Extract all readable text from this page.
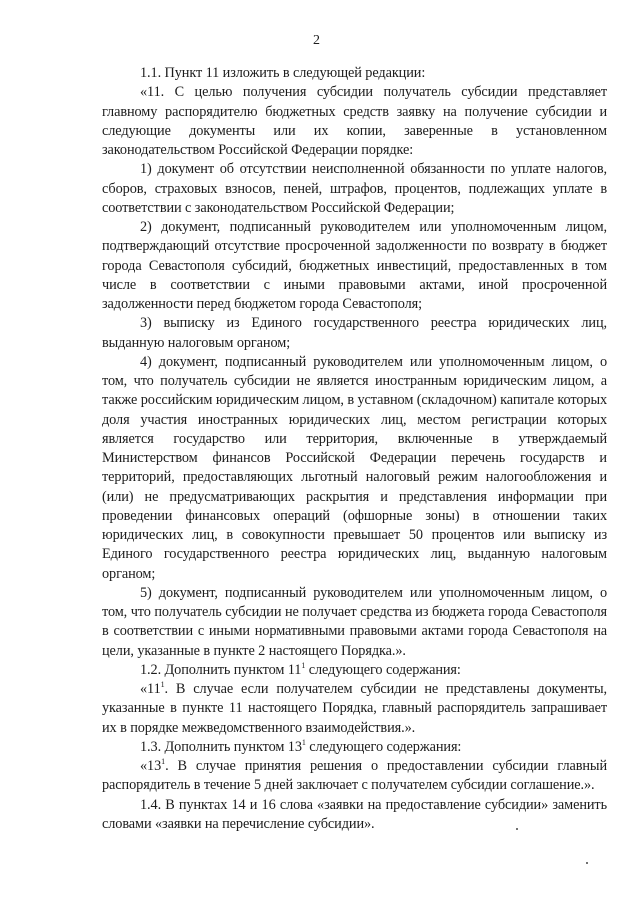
2

1.1. Пункт 11 изложить в следующей редакции:

«11. С целью получения субсидии получатель субсидии представляет главному распорядителю бюджетных средств заявку на получение субсидии и следующие документы или их копии, заверенные в установленном законодательством Российской Федерации порядке:

1) документ об отсутствии неисполненной обязанности по уплате налогов, сборов, страховых взносов, пеней, штрафов, процентов, подлежащих уплате в соответствии с законодательством Российской Федерации;

2) документ, подписанный руководителем или уполномоченным лицом, подтверждающий отсутствие просроченной задолженности по возврату в бюджет города Севастополя субсидий, бюджетных инвестиций, предоставленных в том числе в соответствии с иными правовыми актами, иной просроченной задолженности перед бюджетом города Севастополя;

3) выписку из Единого государственного реестра юридических лиц, выданную налоговым органом;

4) документ, подписанный руководителем или уполномоченным лицом, о том, что получатель субсидии не является иностранным юридическим лицом, а также российским юридическим лицом, в уставном (складочном) капитале которых доля участия иностранных юридических лиц, местом регистрации которых является государство или территория, включенные в утверждаемый Министерством финансов Российской Федерации перечень государств и территорий, предоставляющих льготный налоговый режим налогообложения и (или) не предусматривающих раскрытия и представления информации при проведении финансовых операций (офшорные зоны) в отношении таких юридических лиц, в совокупности превышает 50 процентов или выписку из Единого государственного реестра юридических лиц, выданную налоговым органом;

5) документ, подписанный руководителем или уполномоченным лицом, о том, что получатель субсидии не получает средства из бюджета города Севастополя в соответствии с иными нормативными правовыми актами города Севастополя на цели, указанные в пункте 2 настоящего Порядка.».

1.2. Дополнить пунктом $11^1$ следующего содержания:

«$11^1$. В случае если получателем субсидии не представлены документы, указанные в пункте 11 настоящего Порядка, главный распорядитель запрашивает их в порядке межведомственного взаимодействия.».

1.3. Дополнить пунктом $13^1$ следующего содержания:

«$13^1$. В случае принятия решения о предоставлении субсидии главный распорядитель в течение 5 дней заключает с получателем субсидии соглашение.».

1.4. В пунктах 14 и 16 слова «заявки на предоставление субсидии» заменить словами «заявки на перечисление субсидии».
